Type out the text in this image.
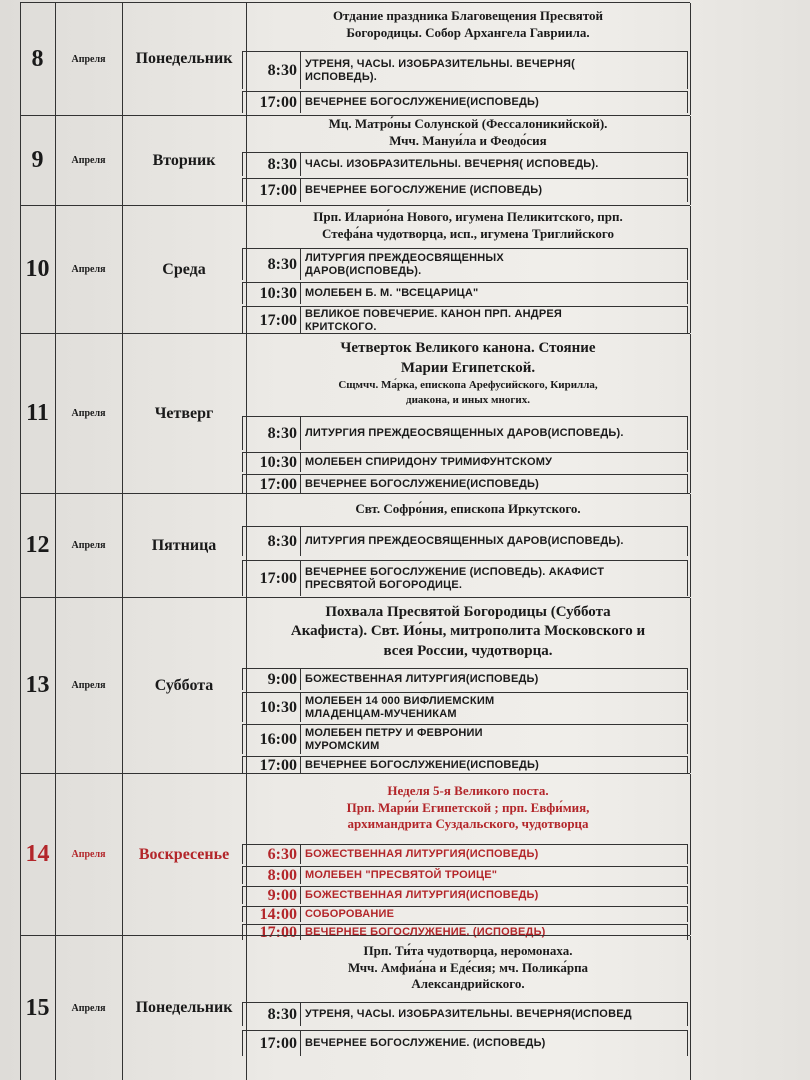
8	Апреля	Понедельник
Отдание праздника Благовещения Пресвятой
Богородицы. Собор Архангела Гавриила.
8:30 УТРЕНЯ, ЧАСЫ. ИЗОБРАЗИТЕЛЬНЫ. ВЕЧЕРНЯ(
ИСПОВЕДЬ).
17:00 ВЕЧЕРНЕЕ БОГОСЛУЖЕНИЕ(ИСПОВЕДЬ)
9	Апреля	Вторник
Мц. Матро́ны Солунской (Фессалоникийской).
Мчч. Мануи́ла и Феодо́сия
8:30 ЧАСЫ. ИЗОБРАЗИТЕЛЬНЫ. ВЕЧЕРНЯ( ИСПОВЕДЬ).
17:00 ВЕЧЕРНЕЕ БОГОСЛУЖЕНИЕ (ИСПОВЕДЬ)
10	Апреля	Среда
Прп. Иларио́на Нового, игумена Пеликитского, прп.
Стефа́на чудотворца, исп., игумена Триглийского
8:30 ЛИТУРГИЯ ПРЕЖДЕОСВЯЩЕННЫХ
ДАРОВ(ИСПОВЕДЬ).
10:30 МОЛЕБЕН Б. М. "ВСЕЦАРИЦА"
17:00 ВЕЛИКОЕ ПОВЕЧЕРИЕ. КАНОН ПРП. АНДРЕЯ
КРИТСКОГО.
11	Апреля	Четверг
Четверток Великого канона. Стояние
Марии Египетской.
Сщмчч. Ма́рка, епископа Арефусийского, Кирилла,
диакона, и иных многих.
8:30 ЛИТУРГИЯ ПРЕЖДЕОСВЯЩЕННЫХ ДАРОВ(ИСПОВЕДЬ).
10:30 МОЛЕБЕН СПИРИДОНУ ТРИМИФУНТСКОМУ
17:00 ВЕЧЕРНЕЕ БОГОСЛУЖЕНИЕ(ИСПОВЕДЬ)
12	Апреля	Пятница
Свт. Софро́ния, епископа Иркутского.
8:30 ЛИТУРГИЯ ПРЕЖДЕОСВЯЩЕННЫХ ДАРОВ(ИСПОВЕДЬ).
17:00 ВЕЧЕРНЕЕ БОГОСЛУЖЕНИЕ (ИСПОВЕДЬ). АКАФИСТ
ПРЕСВЯТОЙ БОГОРОДИЦЕ.
13	Апреля	Суббота
Похвала Пресвятой Богородицы (Суббота
Акафиста). Свт. Ио́ны, митрополита Московского и
всея России, чудотворца.
9:00 БОЖЕСТВЕННАЯ ЛИТУРГИЯ(ИСПОВЕДЬ)
10:30 МОЛЕБЕН 14 000 ВИФЛИЕМСКИМ
МЛАДЕНЦАМ-МУЧЕНИКАМ
16:00 МОЛЕБЕН ПЕТРУ И ФЕВРОНИИ
МУРОМСКИМ
17:00 ВЕЧЕРНЕЕ БОГОСЛУЖЕНИЕ(ИСПОВЕДЬ)
14	Апреля	Воскресенье
Неделя 5-я Великого поста.
Прп. Мари́и Египетской ; прп. Евфи́мия,
архимандрита Суздальского, чудотворца
6:30 БОЖЕСТВЕННАЯ ЛИТУРГИЯ(ИСПОВЕДЬ)
8:00 МОЛЕБЕН "ПРЕСВЯТОЙ ТРОИЦЕ"
9:00 БОЖЕСТВЕННАЯ ЛИТУРГИЯ(ИСПОВЕДЬ)
14:00 СОБОРОВАНИЕ
17:00 ВЕЧЕРНЕЕ БОГОСЛУЖЕНИЕ. (ИСПОВЕДЬ)
15	Апреля	Понедельник
Прп. Ти́та чудотворца, неромонаха.
Мчч. Амфиа́на и Еде́сия; мч. Полика́рпа
Александрийского.
8:30 УТРЕНЯ, ЧАСЫ. ИЗОБРАЗИТЕЛЬНЫ. ВЕЧЕРНЯ(ИСПОВЕД
17:00 ВЕЧЕРНЕЕ БОГОСЛУЖЕНИЕ. (ИСПОВЕДЬ)
